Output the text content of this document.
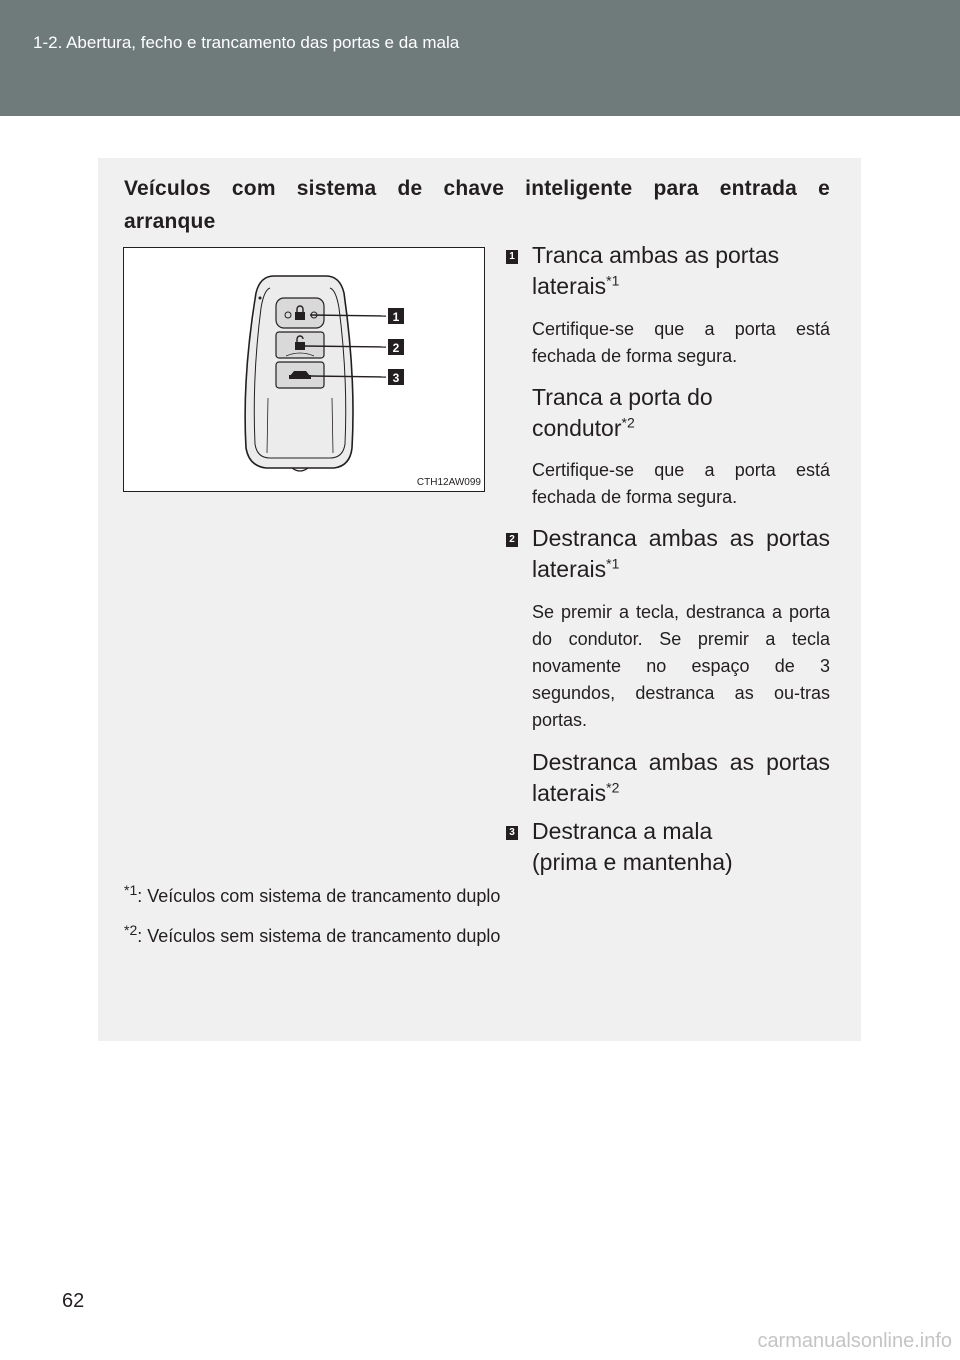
1-2. Abertura, fecho e trancamento das portas e da mala
Veículos com sistema de chave inteligente para entrada e
arranque
1
2
3
CTH12AW099
1 Tranca ambas as portas
laterais$^{*1}$
Certifique-se que a porta está fechada de forma segura.
Tranca a porta do
condutor$^{*2}$
Certifique-se que a porta está fechada de forma segura.
2 Destranca ambas as portas
laterais$^{*1}$
Se premir a tecla, destranca a porta do condutor. Se premir a tecla novamente no espaço de 3 segundos, destranca as ou-tras portas.
Destranca ambas as portas
laterais$^{*2}$
3 Destranca a mala
(prima e mantenha)
$^{*1}$: Veículos com sistema de trancamento duplo
$^{*2}$: Veículos sem sistema de trancamento duplo
62
carmanualsonline.info
